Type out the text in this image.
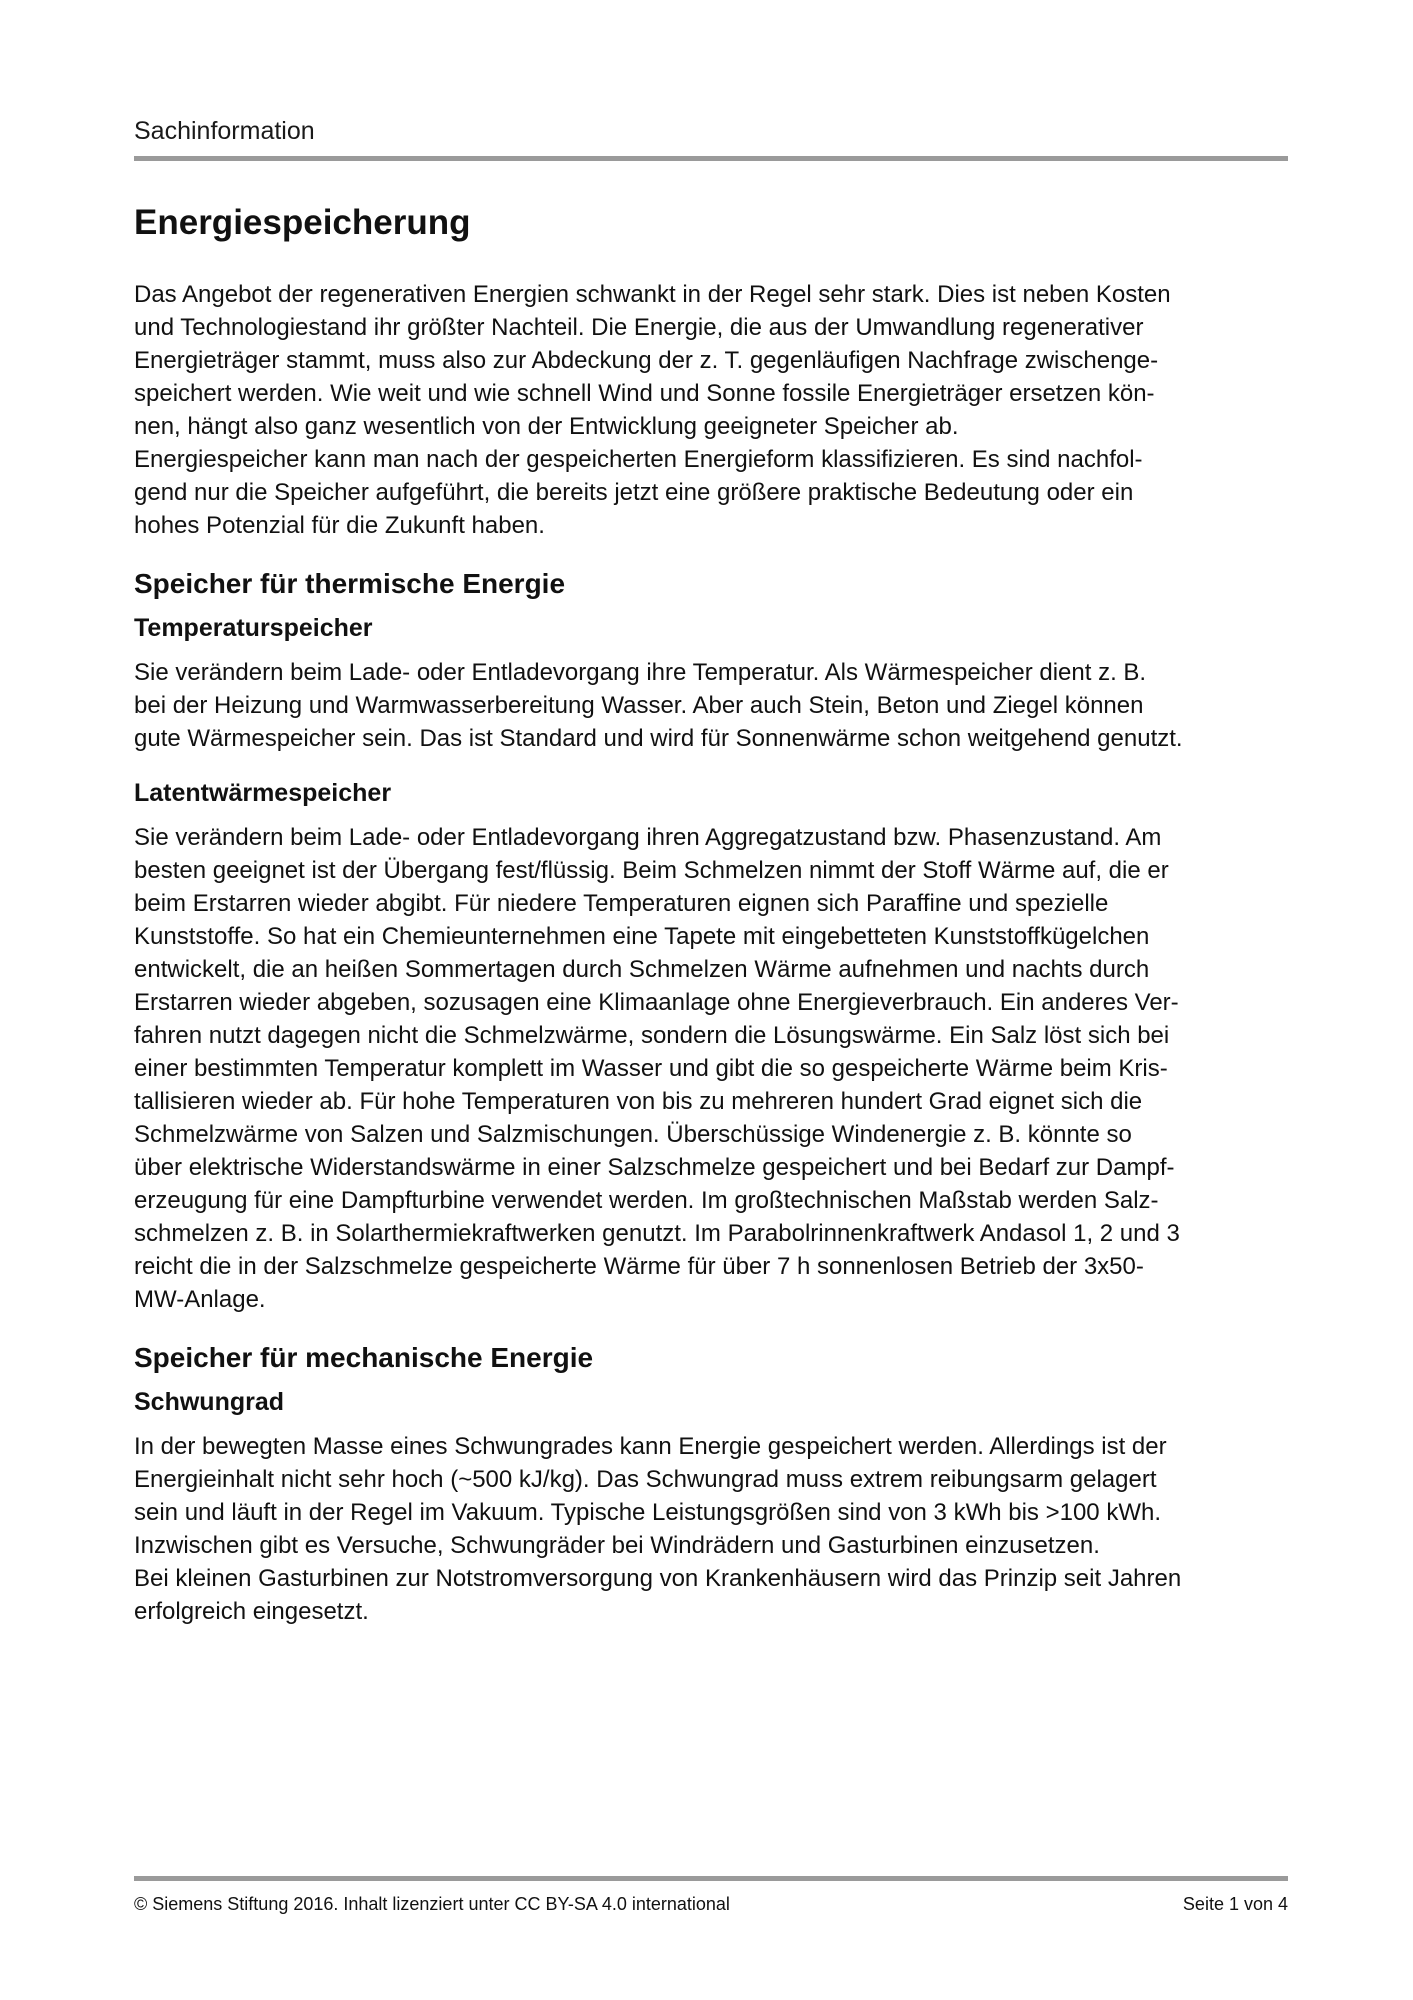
Sachinformation
Energiespeicherung

Das Angebot der regenerativen Energien schwankt in der Regel sehr stark. Dies ist neben Kosten
und Technologiestand ihr größter Nachteil. Die Energie, die aus der Umwandlung regenerativer
Energieträger stammt, muss also zur Abdeckung der z. T. gegenläufigen Nachfrage zwischenge-
speichert werden. Wie weit und wie schnell Wind und Sonne fossile Energieträger ersetzen kön-
nen, hängt also ganz wesentlich von der Entwicklung geeigneter Speicher ab.
Energiespeicher kann man nach der gespeicherten Energieform klassifizieren. Es sind nachfol-
gend nur die Speicher aufgeführt, die bereits jetzt eine größere praktische Bedeutung oder ein
hohes Potenzial für die Zukunft haben.

Speicher für thermische Energie
Temperaturspeicher

Sie verändern beim Lade- oder Entladevorgang ihre Temperatur. Als Wärmespeicher dient z. B.
bei der Heizung und Warmwasserbereitung Wasser. Aber auch Stein, Beton und Ziegel können
gute Wärmespeicher sein. Das ist Standard und wird für Sonnenwärme schon weitgehend genutzt.

Latentwärmespeicher

Sie verändern beim Lade- oder Entladevorgang ihren Aggregatzustand bzw. Phasenzustand. Am
besten geeignet ist der Übergang fest/flüssig. Beim Schmelzen nimmt der Stoff Wärme auf, die er
beim Erstarren wieder abgibt. Für niedere Temperaturen eignen sich Paraffine und spezielle
Kunststoffe. So hat ein Chemieunternehmen eine Tapete mit eingebetteten Kunststoffkügelchen
entwickelt, die an heißen Sommertagen durch Schmelzen Wärme aufnehmen und nachts durch
Erstarren wieder abgeben, sozusagen eine Klimaanlage ohne Energieverbrauch. Ein anderes Ver-
fahren nutzt dagegen nicht die Schmelzwärme, sondern die Lösungswärme. Ein Salz löst sich bei
einer bestimmten Temperatur komplett im Wasser und gibt die so gespeicherte Wärme beim Kris-
tallisieren wieder ab. Für hohe Temperaturen von bis zu mehreren hundert Grad eignet sich die
Schmelzwärme von Salzen und Salzmischungen. Überschüssige Windenergie z. B. könnte so
über elektrische Widerstandswärme in einer Salzschmelze gespeichert und bei Bedarf zur Dampf-
erzeugung für eine Dampfturbine verwendet werden. Im großtechnischen Maßstab werden Salz-
schmelzen z. B. in Solarthermiekraftwerken genutzt. Im Parabolrinnenkraftwerk Andasol 1, 2 und 3
reicht die in der Salzschmelze gespeicherte Wärme für über 7 h sonnenlosen Betrieb der 3x50-
MW-Anlage.

Speicher für mechanische Energie
Schwungrad

In der bewegten Masse eines Schwungrades kann Energie gespeichert werden. Allerdings ist der
Energieinhalt nicht sehr hoch (~500 kJ/kg). Das Schwungrad muss extrem reibungsarm gelagert
sein und läuft in der Regel im Vakuum. Typische Leistungsgrößen sind von 3 kWh bis >100 kWh.
Inzwischen gibt es Versuche, Schwungräder bei Windrädern und Gasturbinen einzusetzen.
Bei kleinen Gasturbinen zur Notstromversorgung von Krankenhäusern wird das Prinzip seit Jahren
erfolgreich eingesetzt.

© Siemens Stiftung 2016. Inhalt lizenziert unter CC BY-SA 4.0 international	Seite 1 von 4
